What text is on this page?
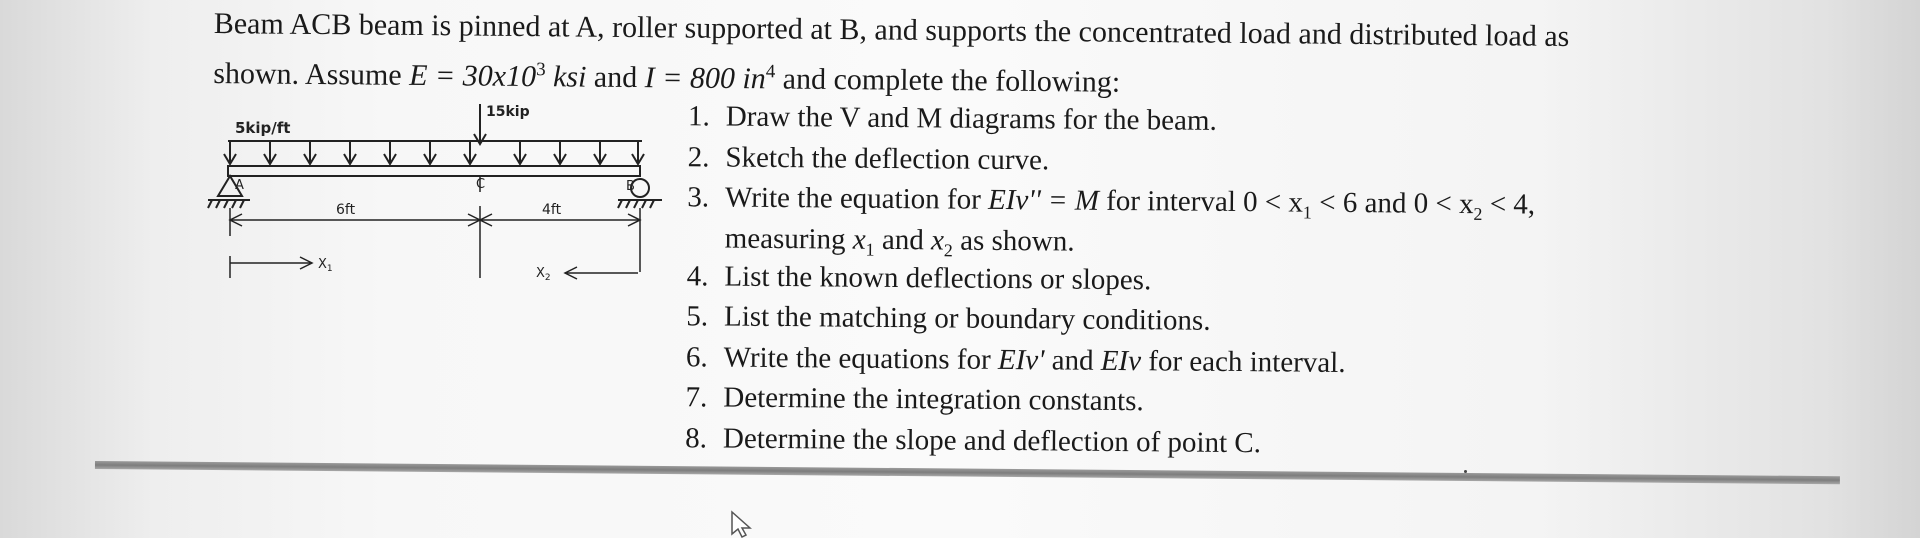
Beam ACB beam is pinned at A, roller supported at B, and supports the concentrated load and distributed load as

shown. Assume $E = 30x10^3$ ksi and I = 800 $in^4$ and complete the following:

5kip/ft
15kip
A	C	B
6ft	4ft
$X_1$	$X_2$
1. Draw the V and M diagrams for the beam.
2. Sketch the deflection curve.
3. Write the equation for EIv'' = M for interval $0 < x_1 < 6$ and $0 < x_2 < 4$,
measuring $x_1$ and $x_2$ as shown.
4. List the known deflections or slopes.
5. List the matching or boundary conditions.
6. Write the equations for EIv' and EIv for each interval.
7. Determine the integration constants.
8. Determine the slope and deflection of point C.
